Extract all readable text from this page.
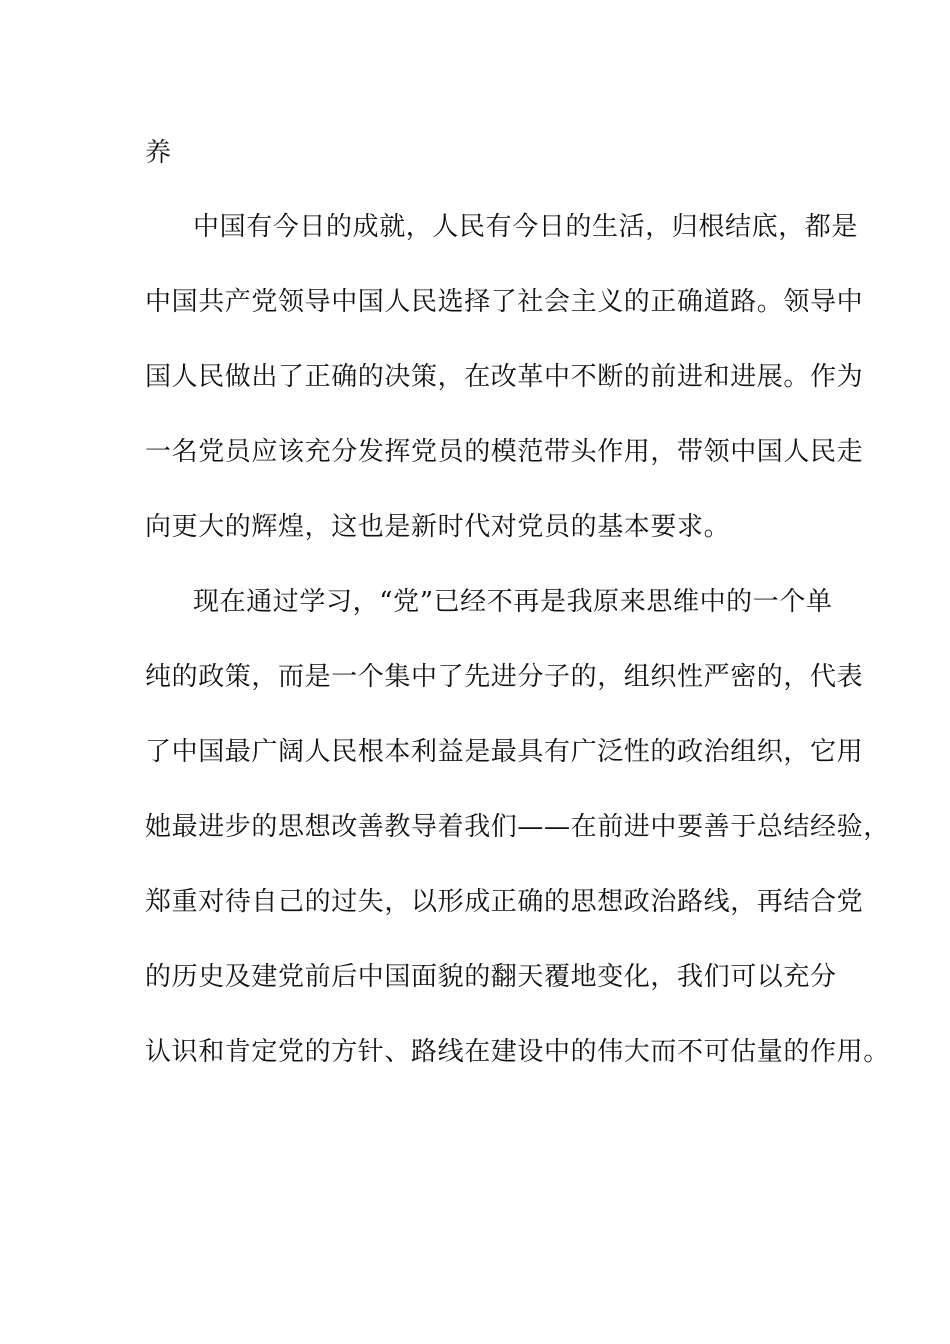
养

中国有今日的成就，人民有今日的生活，归根结底，都是

中国共产党领导中国人民选择了社会主义的正确道路。领导中

国人民做出了正确的决策，在改革中不断的前进和进展。作为

一名党员应该充分发挥党员的模范带头作用，带领中国人民走

向更大的辉煌，这也是新时代对党员的基本要求。

现在通过学习，“党”已经不再是我原来思维中的一个单

纯的政策，而是一个集中了先进分子的，组织性严密的，代表

了中国最广阔人民根本利益是最具有广泛性的政治组织，它用

她最进步的思想改善教导着我们——在前进中要善于总结经验，

郑重对待自己的过失，以形成正确的思想政治路线，再结合党

的历史及建党前后中国面貌的翻天覆地变化，我们可以充分

认识和肯定党的方针、路线在建设中的伟大而不可估量的作用。
